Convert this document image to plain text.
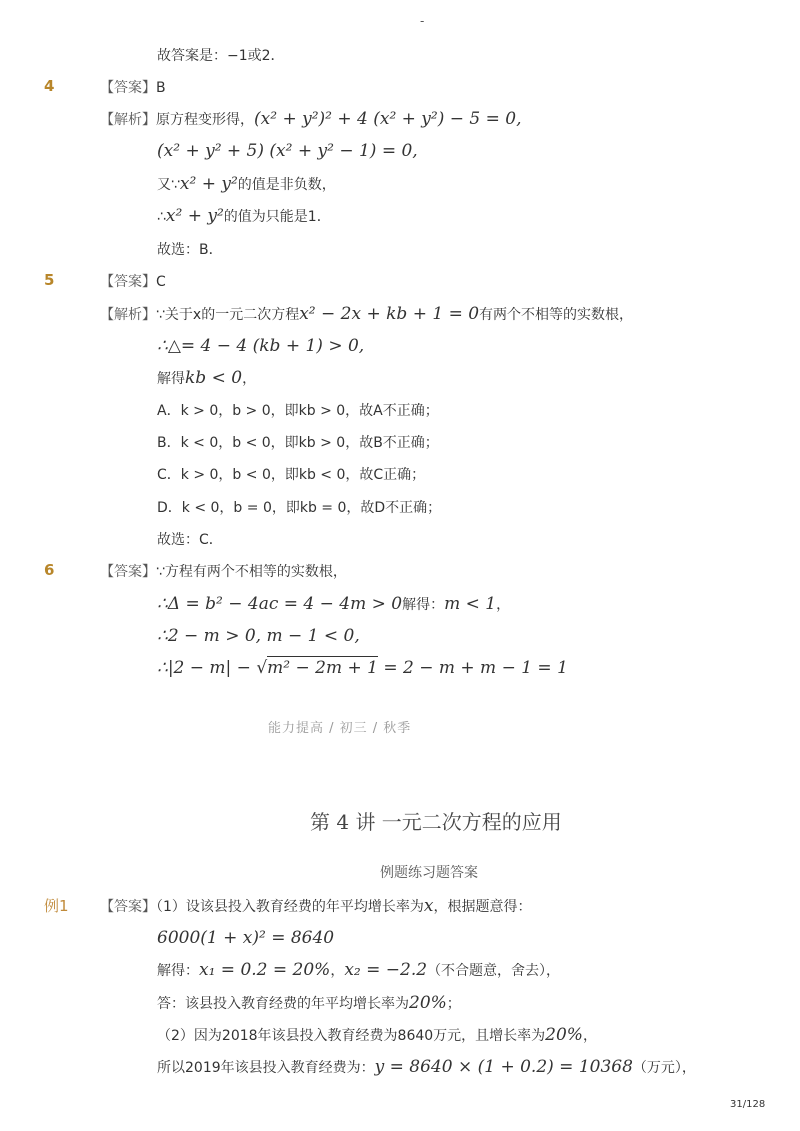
-
故答案是：−1或2．
4	【答案】B
【解析】原方程变形得，(x² + y²)² + 4 (x² + y²) − 5 = 0,
(x² + y² + 5) (x² + y² − 1) = 0,
又∵x² + y²的值是非负数，
∴x² + y²的值为只能是1．
故选：B．
5	【答案】C
【解析】∵关于x的一元二次方程x² − 2x + kb + 1 = 0有两个不相等的实数根，
∴△= 4 − 4 (kb + 1) > 0,
解得kb < 0，
A．k > 0，b > 0，即kb > 0，故A不正确；
B．k < 0，b < 0，即kb > 0，故B不正确；
C．k > 0，b < 0，即kb < 0，故C正确；
D．k < 0，b = 0，即kb = 0，故D不正确；
故选：C．
6	【答案】∵方程有两个不相等的实数根，
∴Δ = b² − 4ac = 4 − 4m > 0解得：m < 1，
∴2 − m > 0, m − 1 < 0,
∴|2 − m| − √m² − 2m + 1 = 2 − m + m − 1 = 1
能力提高 / 初三 / 秋季
第 4 讲 一元二次方程的应用
例题练习题答案
例1 【答案】（1）设该县投入教育经费的年平均增长率为x，根据题意得：
6000(1 + x)² = 8640
解得：x₁ = 0.2 = 20%，x₂ = −2.2（不合题意，舍去），
答：该县投入教育经费的年平均增长率为20%；
（2）因为2018年该县投入教育经费为8640万元，且增长率为20%，
所以2019年该县投入教育经费为：y = 8640 × (1 + 0.2) = 10368（万元），
31/128
